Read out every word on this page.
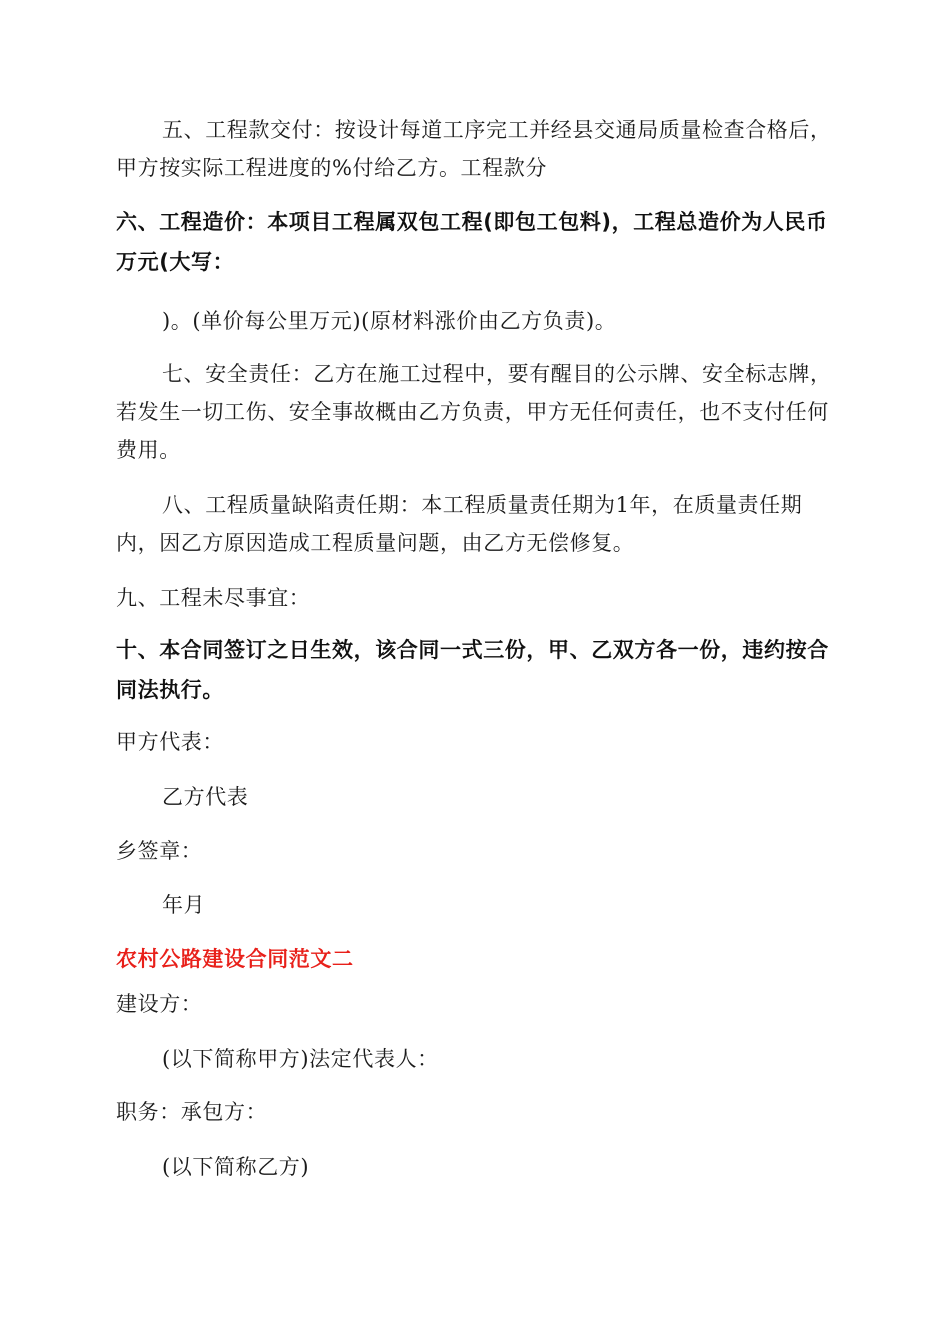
五、工程款交付：按设计每道工序完工并经县交通局质量检查合格后，甲方按实际工程进度的%付给乙方。工程款分

六、工程造价：本项目工程属双包工程(即包工包料)，工程总造价为人民币万元(大写：

)。(单价每公里万元)(原材料涨价由乙方负责)。

七、安全责任：乙方在施工过程中，要有醒目的公示牌、安全标志牌，若发生一切工伤、安全事故概由乙方负责，甲方无任何责任，也不支付任何费用。

八、工程质量缺陷责任期：本工程质量责任期为1年，在质量责任期内，因乙方原因造成工程质量问题，由乙方无偿修复。

九、工程未尽事宜：

十、本合同签订之日生效，该合同一式三份，甲、乙双方各一份，违约按合同法执行。

甲方代表：

乙方代表

乡签章：

年月

农村公路建设合同范文二

建设方：

(以下简称甲方)法定代表人：

职务：承包方：

(以下简称乙方)
